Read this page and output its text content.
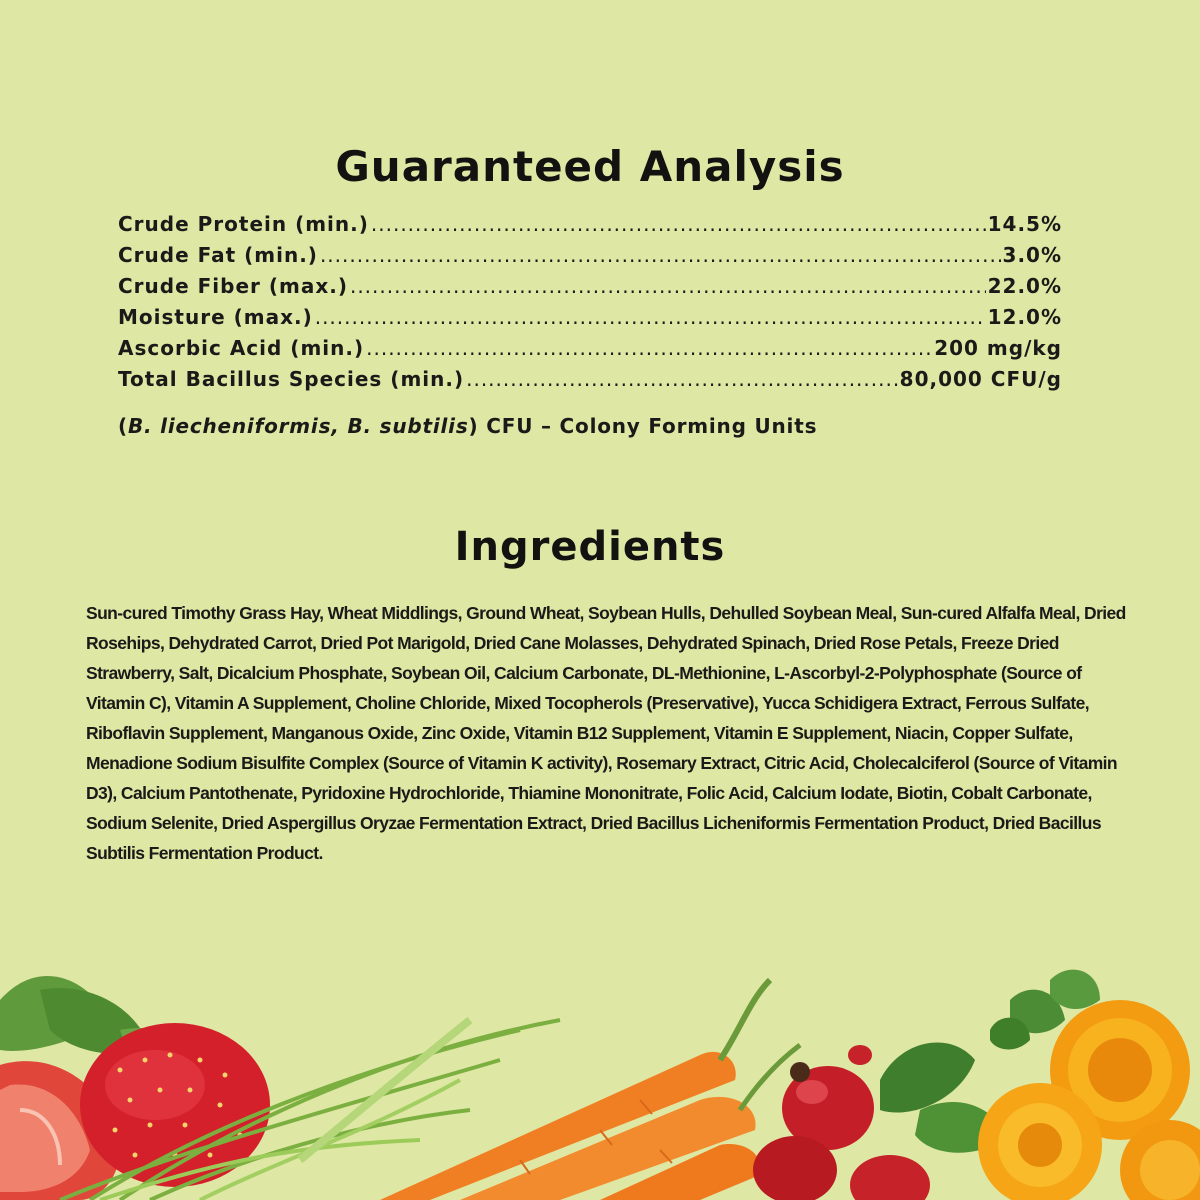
Guaranteed Analysis
Crude Protein (min.) .....	14.5%
Crude Fat (min.) .....	3.0%
Crude Fiber (max.) .....	22.0%
Moisture (max.) .....	12.0%
Ascorbic Acid (min.) .....	200 mg/kg
Total Bacillus Species (min.) .....	80,000 CFU/g

(B. liecheniformis, B. subtilis) CFU – Colony Forming Units

Ingredients

Sun-cured Timothy Grass Hay, Wheat Middlings, Ground Wheat, Soybean Hulls, Dehulled Soybean Meal, Sun-cured Alfalfa Meal, Dried Rosehips, Dehydrated Carrot, Dried Pot Marigold, Dried Cane Molasses, Dehydrated Spinach, Dried Rose Petals, Freeze Dried Strawberry, Salt, Dicalcium Phosphate, Soybean Oil, Calcium Carbonate, DL-Methionine, L-Ascorbyl-2-Polyphosphate (Source of Vitamin C), Vitamin A Supplement, Choline Chloride, Mixed Tocopherols (Preservative), Yucca Schidigera Extract, Ferrous Sulfate, Riboflavin Supplement, Manganous Oxide, Zinc Oxide, Vitamin B12 Supplement, Vitamin E Supplement, Niacin, Copper Sulfate, Menadione Sodium Bisulfite Complex (Source of Vitamin K activity), Rosemary Extract, Citric Acid, Cholecalciferol (Source of Vitamin D3), Calcium Pantothenate, Pyridoxine Hydrochloride, Thiamine Mononitrate, Folic Acid, Calcium Iodate, Biotin, Cobalt Carbonate, Sodium Selenite, Dried Aspergillus Oryzae Fermentation Extract, Dried Bacillus Licheniformis Fermentation Product, Dried Bacillus Subtilis Fermentation Product.
